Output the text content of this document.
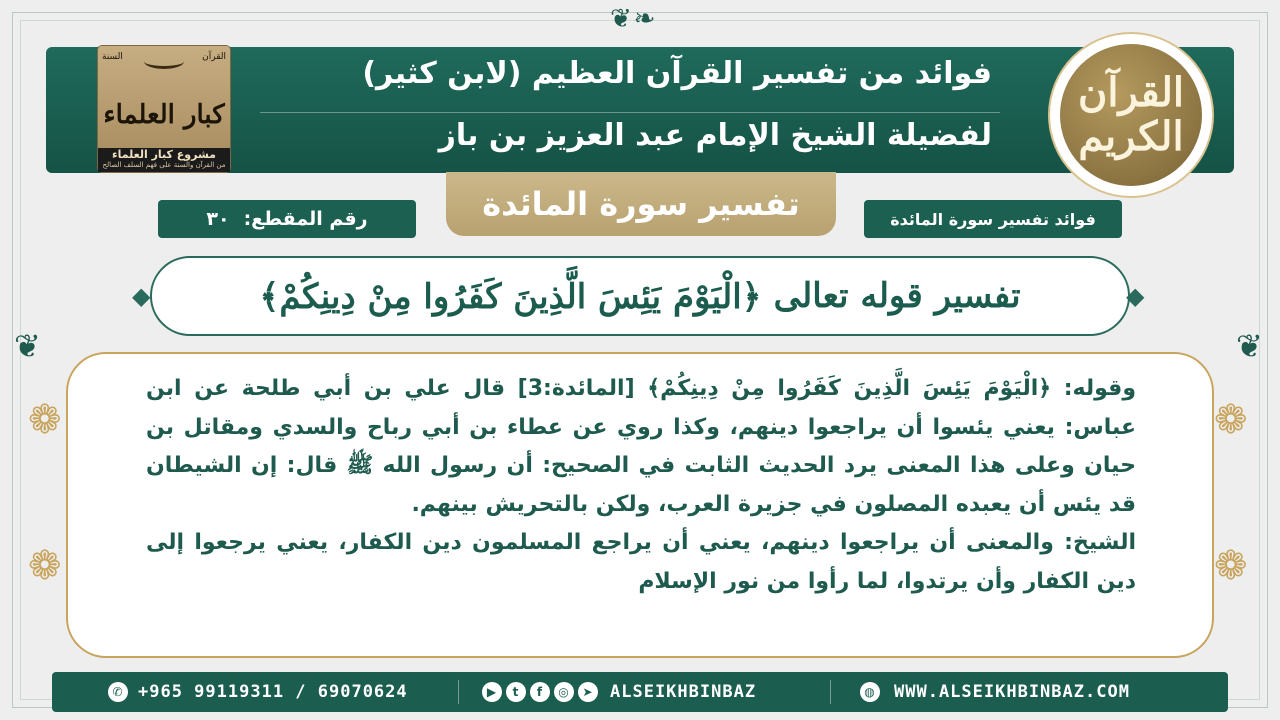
❦❧
❦	❦
❁
❁
❁
❁
فوائد من تفسير القرآن العظيم (لابن كثير)
لفضيلة الشيخ الإمام عبد العزيز بن باز
القرآن الكريم
القرآن
السنة
كبار العلماء
مشروع كبار العلماء
من القرآن والسنة على فهم السلف الصالح
رقم المقطع:
٣٠	تفسير سورة المائدة	فوائد تفسير سورة المائدة
تفسير قوله تعالى
﴿الْيَوْمَ يَئِسَ الَّذِينَ كَفَرُوا مِنْ دِينِكُمْ﴾
◆	◆
وقوله: ﴿الْيَوْمَ يَئِسَ الَّذِينَ كَفَرُوا مِنْ دِينِكُمْ﴾ [المائدة:3] قال علي بن أبي طلحة عن ابن عباس: يعني يئسوا أن يراجعوا دينهم، وكذا روي عن عطاء بن أبي رباح والسدي ومقاتل بن حيان وعلى هذا المعنى يرد الحديث الثابت في الصحيح: أن رسول الله ﷺ قال: إن الشيطان قد يئس أن يعبده المصلون في جزيرة العرب، ولكن بالتحريش بينهم.
الشيخ: والمعنى أن يراجعوا دينهم، يعني أن يراجع المسلمون دين الكفار، يعني يرجعوا إلى دين الكفار وأن يرتدوا، لما رأوا من نور الإسلام
✆ +965 99119311 / 69070624	▶	t	f	◎	➤ ALSEIKHBINBAZ	◍ WWW.ALSEIKHBINBAZ.COM
